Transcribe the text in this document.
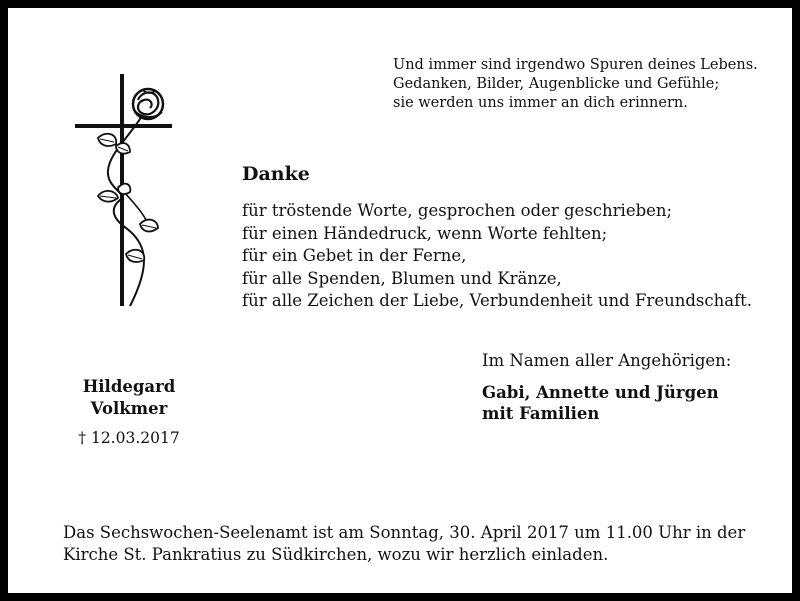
Und immer sind irgendwo Spuren deines Lebens.
Gedanken, Bilder, Augenblicke und Gefühle;
sie werden uns immer an dich erinnern.
Danke
für tröstende Worte, gesprochen oder geschrieben;
für einen Händedruck, wenn Worte fehlten;
für ein Gebet in der Ferne,
für alle Spenden, Blumen und Kränze,
für alle Zeichen der Liebe, Verbundenheit und Freundschaft.
Hildegard
Volkmer
† 12.03.2017
Im Namen aller Angehörigen:
Gabi, Annette und Jürgen
mit Familien
Das Sechswochen-Seelenamt ist am Sonntag, 30. April 2017 um 11.00 Uhr in der
Kirche St. Pankratius zu Südkirchen, wozu wir herzlich einladen.
